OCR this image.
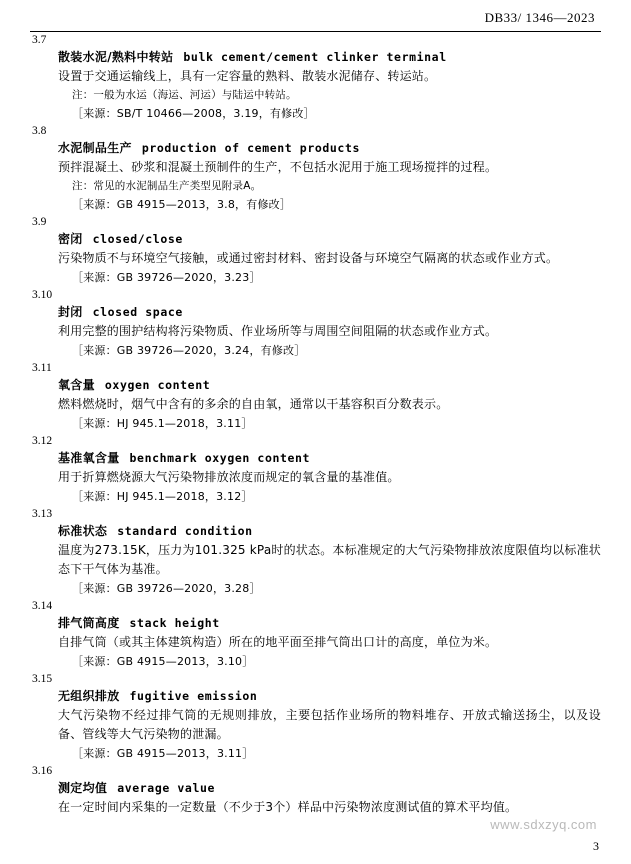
DB33/ 1346—2023
3.7
散装水泥/熟料中转站 bulk cement/cement clinker terminal
设置于交通运输线上，具有一定容量的熟料、散装水泥储存、转运站。
注：一般为水运（海运、河运）与陆运中转站。
［来源：SB/T 10466—2008，3.19，有修改］
3.8
水泥制品生产 production of cement products
预拌混凝土、砂浆和混凝土预制件的生产，不包括水泥用于施工现场搅拌的过程。
注：常见的水泥制品生产类型见附录A。
［来源：GB 4915—2013，3.8，有修改］
3.9
密闭 closed/close
污染物质不与环境空气接触，或通过密封材料、密封设备与环境空气隔离的状态或作业方式。
［来源：GB 39726—2020，3.23］
3.10
封闭 closed space
利用完整的围护结构将污染物质、作业场所等与周围空间阻隔的状态或作业方式。
［来源：GB 39726—2020，3.24，有修改］
3.11
氧含量 oxygen content
燃料燃烧时，烟气中含有的多余的自由氧，通常以干基容积百分数表示。
［来源：HJ 945.1—2018，3.11］
3.12
基准氧含量 benchmark oxygen content
用于折算燃烧源大气污染物排放浓度而规定的氧含量的基准值。
［来源：HJ 945.1—2018，3.12］
3.13
标准状态 standard condition
温度为273.15K，压力为101.325 kPa时的状态。本标准规定的大气污染物排放浓度限值均以标准状态下干气体为基准。
［来源：GB 39726—2020，3.28］
3.14
排气筒高度 stack height
自排气筒（或其主体建筑构造）所在的地平面至排气筒出口计的高度，单位为米。
［来源：GB 4915—2013，3.10］
3.15
无组织排放 fugitive emission
大气污染物不经过排气筒的无规则排放，主要包括作业场所的物料堆存、开放式输送扬尘，以及设备、管线等大气污染物的泄漏。
［来源：GB 4915—2013，3.11］
3.16
测定均值 average value
在一定时间内采集的一定数量（不少于3个）样品中污染物浓度测试值的算术平均值。
www.sdxzyq.com
3
